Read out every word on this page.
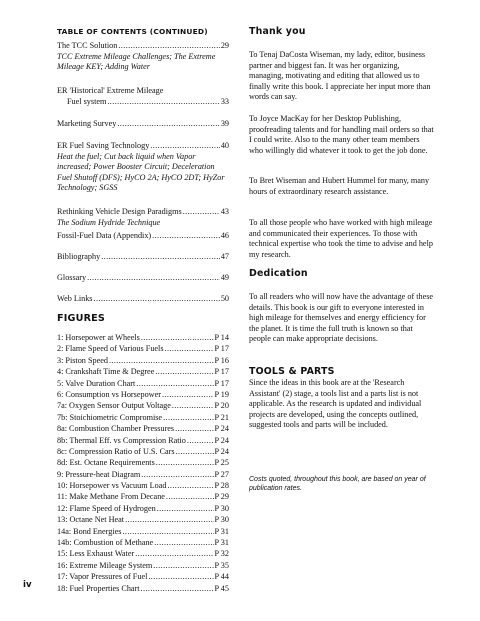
TABLE OF CONTENTS (CONTINUED)
The TCC Solution .....	29
TCC Extreme Mileage Challenges; The Extreme Mileage KEY; Adding Water
ER 'Historical' Extreme Mileage
Fuel system .....	33
Marketing Survey .....	39
ER Fuel Saving Technology .....	40
Heat the fuel; Cut back liquid when Vapor increased; Power Booster Circuit; Deceleration Fuel Shutoff (DFS); HyCO 2A; HyCO 2DT; HyZor Technology; SGSS
Rethinking Vehicle Design Paradigms .....	43
The Sodium Hydride Technique
Fossil-Fuel Data (Appendix) .....	46
Bibliography .....	47
Glossary .....	49
Web Links .....	50
FIGURES
1: Horsepower at Wheels .....	P 14
2: Flame Speed of Various Fuels .....	P 17
3: Piston Speed .....	P 16
4: Crankshaft Time & Degree .....	P 17
5: Valve Duration Chart .....	P 17
6: Consumption vs Horsepower .....	P 19
7a: Oxygen Sensor Output Voltage .....	P 20
7b: Stoichiometric Compromise .....	P 21
8a: Combustion Chamber Pressures .....	P 24
8b: Thermal Eff. vs Compression Ratio .....	P 24
8c: Compression Ratio of U.S. Cars .....	P 24
8d: Est. Octane Requirements .....	P 25
9: Pressure-heat Diagram .....	P 27
10: Horsepower vs Vacuum Load .....	P 28
11: Make Methane From Decane .....	P 29
12: Flame Speed of Hydrogen .....	P 30
13: Octane Net Heat .....	P 30
14a: Bond Energies .....	P 31
14b: Combustion of Methane .....	P 31
15: Less Exhaust Water .....	P 32
16: Extreme Mileage System .....	P 35
17: Vapor Pressures of Fuel .....	P 44
18: Fuel Properties Chart .....	P 45
Thank you
To Tenaj DaCosta Wiseman, my lady, editor, business partner and biggest fan. It was her organizing, managing, motivating and editing that allowed us to finally write this book. I appreciate her input more than words can say.
To Joyce MacKay for her Desktop Publishing, proofreading talents and for handling mail orders so that I could write. Also to the many other team members who willingly did whatever it took to get the job done.
To Bret Wiseman and Hubert Hummel for many, many hours of extraordinary research assistance.
To all those people who have worked with high mileage and communicated their experiences. To those with technical expertise who took the time to advise and help my research.
Dedication
To all readers who will now have the advantage of these details. This book is our gift to everyone interested in high mileage for themselves and energy efficiency for the planet. It is time the full truth is known so that people can make appropriate decisions.
TOOLS & PARTS
Since the ideas in this book are at the 'Research Assistant' (2) stage, a tools list and a parts list is not applicable. As the research is updated and individual projects are developed, using the concepts outlined, suggested tools and parts will be included.
Costs quoted, throughout this book, are based on year of publication rates.
iv
